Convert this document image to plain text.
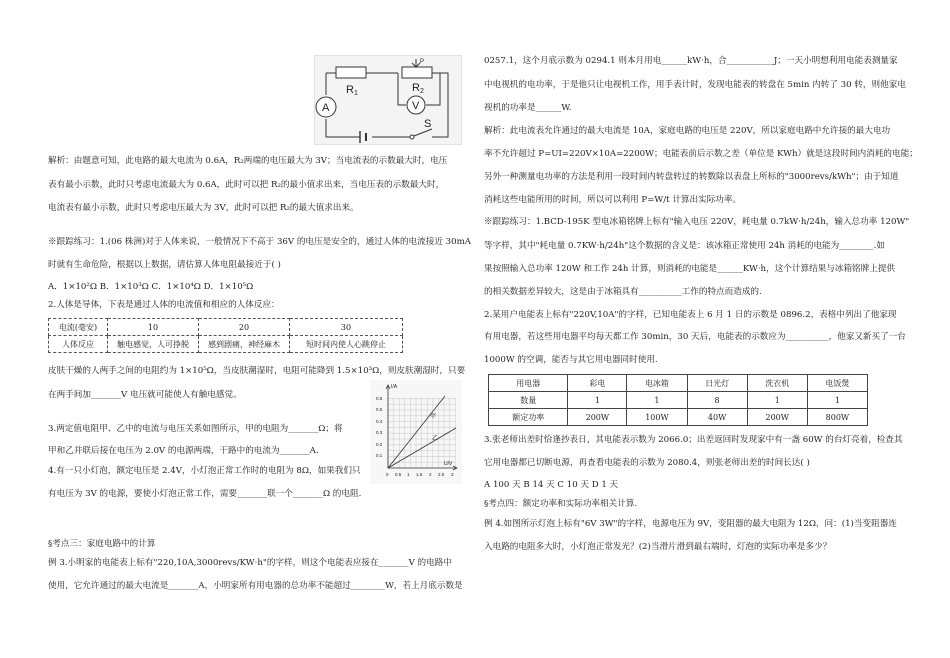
R1	R2
P
V
A
S
解析：由题意可知，此电路的最大电流为 0.6A，R₂两端的电压最大为 3V；当电流表的示数最大时，电压
表有最小示数，此时只考虑电流最大为 0.6A，此时可以把 R₂的最小值求出来，当电压表的示数最大时，
电流表有最小示数，此时只考虑电压最大为 3V，此时可以把 R₂的最大值求出来。
※跟踪练习：1.(06 株洲)对于人体来说，一般情况下不高于 36V 的电压是安全的，通过人体的电流接近 30mA
时就有生命危险，根据以上数据，请估算人体电阻最接近于( )
A．1×10²Ω B．1×10³Ω C．1×10⁴Ω D．1×10⁵Ω
2.人体是导体，下表是通过人体的电流值和相应的人体反应：
电流(毫安)	10	20	30
人体反应	触电感觉，人可挣脱	感到剧痛，神经麻木	短时间内使人心跳停止
皮肤干燥的人两手之间的电阻约为 1×10⁵Ω，当皮肤潮湿时，电阻可能降到 1.5×10³Ω，则皮肤潮湿时，只要
在两手间加_______V 电压就可能使人有触电感觉。
I/A
U/V
甲
乙
0.6
0.5
0.4
0.3
0.2
0.1
0 0.5 1 1.5 2 2.5 3
3.两定值电阻甲、乙中的电流与电压关系如图所示，甲的电阻为_______Ω；将
甲和乙并联后接在电压为 2.0V 的电源两端，干路中的电流为_______A.
4.有一只小灯泡，额定电压是 2.4V，小灯泡正常工作时的电阻为 8Ω，如果我们只
有电压为 3V 的电源，要使小灯泡正常工作，需要_______联一个_______Ω 的电阻.
§考点三：家庭电路中的计算
例 3.小明家的电能表上标有"220,10A,3000revs/KW·h"的字样，则这个电能表应接在_______V 的电路中
使用，它允许通过的最大电流是_______A，小明家所有用电器的总功率不能超过________W，若上月底示数是
0257.1，这个月底示数为 0294.1 则本月用电______kW·h，合___________J；一天小明想利用电能表测量家
中电视机的电功率，于是他只让电视机工作，用手表计时，发现电能表的转盘在 5min 内转了 30 转，则他家电
视机的功率是______W.
解析：此电流表允许通过的最大电流是 10A，家庭电路的电压是 220V，所以家庭电路中允许接的最大电功
率不允许超过 P=UI=220V×10A=2200W；电能表前后示数之差（单位是 KWh）就是这段时间内消耗的电能；
另外一种测量电功率的方法是利用一段时间内转盘转过的转数除以表盘上所标的"3000revs/kWh"；由于知道
消耗这些电能所用的时间，所以可以利用 P=W/t 计算出实际功率。
※跟踪练习：1.BCD-195K 型电冰箱铭牌上标有"输入电压 220V，耗电量 0.7kW·h/24h，输入总功率 120W"
等字样，其中"耗电量 0.7KW·h/24h"这个数据的含义是：该冰箱正常使用 24h 消耗的电能为________.如
果按照输入总功率 120W 和工作 24h 计算，则消耗的电能是______KW·h，这个计算结果与冰箱铭牌上提供
的相关数据差异较大，这是由于冰箱具有__________工作的特点而造成的.
2.某用户电能表上标有"220V,10A"的字样，已知电能表上 6 月 1 日的示数是 0896.2，表格中列出了他家现
有用电器，若这些用电器平均每天都工作 30min，30 天后，电能表的示数应为__________，他家又新买了一台
1000W 的空调，能否与其它用电器同时使用.
用电器	彩电	电冰箱	日光灯	洗衣机	电饭煲
数量	1	1	8	1	1
额定功率	200W	100W	40W	200W	800W
3.张老师出差时恰逢抄表日，其电能表示数为 2066.0；出差返回时发现家中有一盏 60W 的台灯亮着，检查其
它用电器都已切断电源，再查看电能表的示数为 2080.4，则张老师出差的时间长达( )
A 100 天 B 14 天 C 10 天 D 1 天
§考点四：额定功率和实际功率相关计算.
例 4.如图所示灯泡上标有"6V 3W"的字样，电源电压为 9V，变阻器的最大电阻为 12Ω，问：(1)当变阻器连
入电路的电阻多大时，小灯泡正常发光？(2)当滑片滑到最右端时，灯泡的实际功率是多少？
